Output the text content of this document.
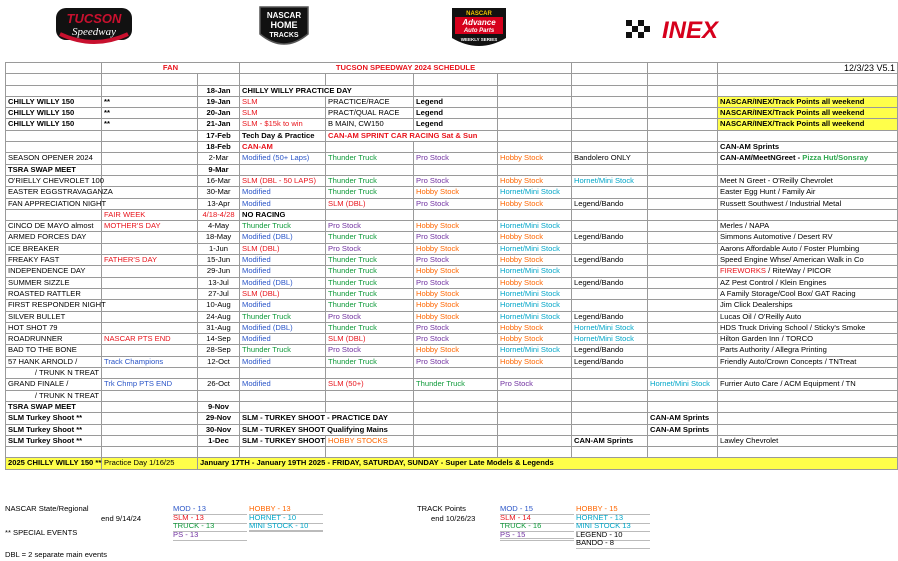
TUCSON
Speedway
NASCAR
HOME
TRACKS
NASCAR
Advance
Auto Parts
WEEKLY SERIES	INEX
	FAN		TUCSON SPEEDWAY 2024 SCHEDULE						12/3/23 V5.1

		18-Jan	CHILLY WILLY PRACTICE DAY						
CHILLY WILLY 150	**	19-Jan	SLM	PRACTICE/RACE	Legend				NASCAR/INEX/Track Points all weekend
CHILLY WILLY 150	**	20-Jan	SLM	PRACT/QUAL RACE	Legend				NASCAR/INEX/Track Points all weekend
CHILLY WILLY 150	**	21-Jan	SLM - $15k to win	B MAIN, CW150	Legend				NASCAR/INEX/Track Points all weekend
		17-Feb	Tech Day & Practice	CAN-AM SPRINT CAR RACING Sat & Sun					
		18-Feb	CAN-AM						CAN-AM Sprints
SEASON OPENER 2024		2-Mar	Modified (50+ Laps)	Thunder Truck	Pro Stock	Hobby Stock	Bandolero ONLY		CAN-AM/MeetNGreet - Pizza Hut/Sonsray
TSRA SWAP MEET		9-Mar							
O'RIELLY CHEVROLET 100		16-Mar	SLM (DBL - 50 LAPS)	Thunder Truck	Pro Stock	Hobby Stock	Hornet/Mini Stock		Meet N Greet - O'Reilly Chevrolet
EASTER EGGSTRAVAGANZA		30-Mar	Modified	Thunder Truck	Hobby Stock	Hornet/Mini Stock			Easter Egg Hunt / Family Air
FAN APPRECIATION NIGHT		13-Apr	Modified	SLM (DBL)	Pro Stock	Hobby Stock	Legend/Bando		Russett Southwest / Industrial Metal
	FAIR WEEK	4/18-4/28	NO RACING						
CINCO DE MAYO almost	MOTHER'S DAY	4-May	Thunder Truck	Pro Stock	Hobby Stock	Hornet/Mini Stock			Merles / NAPA
ARMED FORCES DAY		18-May	Modified (DBL)	Thunder Truck	Pro Stock	Hobby Stock	Legend/Bando		Simmons Automotive / Desert RV
ICE BREAKER		1-Jun	SLM (DBL)	Pro Stock	Hobby Stock	Hornet/Mini Stock			Aarons Affordable Auto / Foster Plumbing
FREAKY FAST	FATHER'S DAY	15-Jun	Modified	Thunder Truck	Pro Stock	Hobby Stock	Legend/Bando		Speed Engine Whse/ American Walk in Co
INDEPENDENCE DAY		29-Jun	Modified	Thunder Truck	Hobby Stock	Hornet/Mini Stock			FIREWORKS / RiteWay / PICOR
SUMMER SIZZLE		13-Jul	Modified (DBL)	Thunder Truck	Pro Stock	Hobby Stock	Legend/Bando		AZ Pest Control / Klein Engines
ROASTED RATTLER		27-Jul	SLM (DBL)	Thunder Truck	Hobby Stock	Hornet/Mini Stock			A Family Storage/Cool Box/ GAT Racing
FIRST RESPONDER NIGHT		10-Aug	Modified	Thunder Truck	Hobby Stock	Hornet/Mini Stock			Jim Click Dealerships
SILVER BULLET		24-Aug	Thunder Truck	Pro Stock	Hobby Stock	Hornet/Mini Stock	Legend/Bando		Lucas Oil / O'Reilly Auto
HOT SHOT 79		31-Aug	Modified (DBL)	Thunder Truck	Pro Stock	Hobby Stock	Hornet/Mini Stock		HDS Truck Driving School / Sticky's Smoke
ROADRUNNER	NASCAR PTS END	14-Sep	Modified	SLM (DBL)	Pro Stock	Hobby Stock	Hornet/Mini Stock		Hilton Garden Inn / TORCO
BAD TO THE BONE		28-Sep	Thunder Truck	Pro Stock	Hobby Stock	Hornet/Mini Stock	Legend/Bando		Parts Authority / Allegra Printing
57 HANK ARNOLD /	Track Champions	12-Oct	Modified	Thunder Truck	Pro Stock	Hobby Stock	Legend/Bando		Friendly Auto/Crown Concepts / TNTreat
/ TRUNK N TREAT									
GRAND FINALE /	Trk Chmp PTS END	26-Oct	Modified	SLM (50+)	Thunder Truck	Pro Stock		Hornet/Mini Stock	Furrier Auto Care / ACM Equipment / TN
/ TRUNK N TREAT									
TSRA SWAP MEET		9-Nov							
SLM Turkey Shoot **		29-Nov	SLM - TURKEY SHOOT - PRACTICE DAY					CAN-AM Sprints	
SLM Turkey Shoot **		30-Nov	SLM - TURKEY SHOOT Qualifying Mains					CAN-AM Sprints	
SLM Turkey Shoot **		1-Dec	SLM - TURKEY SHOOT	HOBBY STOCKS			CAN-AM Sprints		Lawley Chevrolet

2025 CHILLY WILLY 150 **	Practice Day 1/16/25	January 17TH - January 19TH 2025 - FRIDAY, SATURDAY, SUNDAY - Super Late Models & Legends							
NASCAR State/Regional
end 9/14/24
MOD - 13	HOBBY - 13
SLM - 13	HORNET - 10
TRUCK - 13	MINI STOCK - 10
PS - 13
TRACK Points
end 10/26/23
MOD - 15	HOBBY - 15
SLM - 14	HORNET - 13
TRUCK - 16	MINI STOCK 13
PS - 15	LEGEND - 10
BANDO - 8
** SPECIAL EVENTS
DBL = 2 separate main events
